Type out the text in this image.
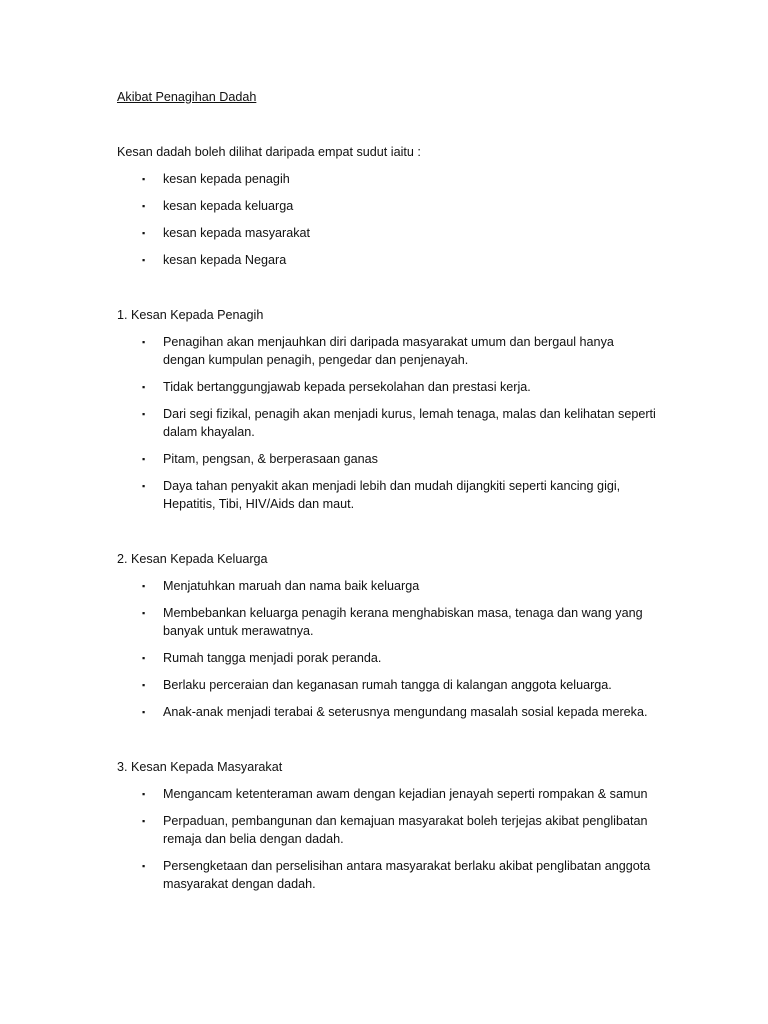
Akibat Penagihan Dadah

Kesan dadah boleh dilihat daripada empat sudut iaitu :

▪ kesan kepada penagih
▪ kesan kepada keluarga
▪ kesan kepada masyarakat
▪ kesan kepada Negara

1. Kesan Kepada Penagih

▪ Penagihan akan menjauhkan diri daripada masyarakat umum dan bergaul hanya dengan kumpulan penagih, pengedar dan penjenayah.
▪ Tidak bertanggungjawab kepada persekolahan dan prestasi kerja.
▪ Dari segi fizikal, penagih akan menjadi kurus, lemah tenaga, malas dan kelihatan seperti dalam khayalan.
▪ Pitam, pengsan, & berperasaan ganas
▪ Daya tahan penyakit akan menjadi lebih dan mudah dijangkiti seperti kancing gigi, Hepatitis, Tibi, HIV/Aids dan maut.

2. Kesan Kepada Keluarga

▪ Menjatuhkan maruah dan nama baik keluarga
▪ Membebankan keluarga penagih kerana menghabiskan masa, tenaga dan wang yang banyak untuk merawatnya.
▪ Rumah tangga menjadi porak peranda.
▪ Berlaku perceraian dan keganasan rumah tangga di kalangan anggota keluarga.
▪ Anak-anak menjadi terabai & seterusnya mengundang masalah sosial kepada mereka.

3. Kesan Kepada Masyarakat

▪ Mengancam ketenteraman awam dengan kejadian jenayah seperti rompakan & samun
▪ Perpaduan, pembangunan dan kemajuan masyarakat boleh terjejas akibat penglibatan remaja dan belia dengan dadah.
▪ Persengketaan dan perselisihan antara masyarakat berlaku akibat penglibatan anggota masyarakat dengan dadah.
